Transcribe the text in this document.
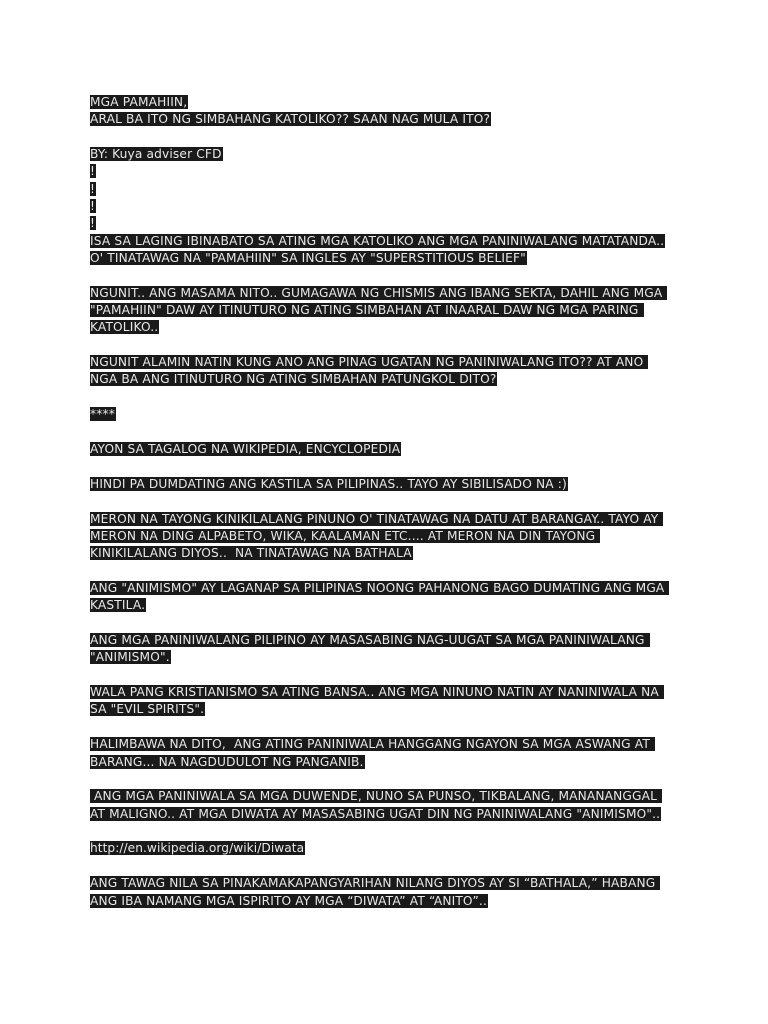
MGA PAMAHIIN,
ARAL BA ITO NG SIMBAHANG KATOLIKO?? SAAN NAG MULA ITO?
BY: Kuya adviser CFD
!
!
!
!
ISA SA LAGING IBINABATO SA ATING MGA KATOLIKO ANG MGA PANINIWALANG MATATANDA..
O' TINATAWAG NA "PAMAHIIN" SA INGLES AY "SUPERSTITIOUS BELIEF"
NGUNIT.. ANG MASAMA NITO.. GUMAGAWA NG CHISMIS ANG IBANG SEKTA, DAHIL ANG MGA
"PAMAHIIN" DAW AY ITINUTURO NG ATING SIMBAHAN AT INAARAL DAW NG MGA PARING
KATOLIKO..
NGUNIT ALAMIN NATIN KUNG ANO ANG PINAG UGATAN NG PANINIWALANG ITO?? AT ANO
NGA BA ANG ITINUTURO NG ATING SIMBAHAN PATUNGKOL DITO?
****
AYON SA TAGALOG NA WIKIPEDIA, ENCYCLOPEDIA
HINDI PA DUMDATING ANG KASTILA SA PILIPINAS.. TAYO AY SIBILISADO NA :)
MERON NA TAYONG KINIKILALANG PINUNO O' TINATAWAG NA DATU AT BARANGAY.. TAYO AY
MERON NA DING ALPABETO, WIKA, KAALAMAN ETC.... AT MERON NA DIN TAYONG
KINIKILALANG DIYOS..  NA TINATAWAG NA BATHALA
ANG "ANIMISMO" AY LAGANAP SA PILIPINAS NOONG PAHANONG BAGO DUMATING ANG MGA
KASTILA.
ANG MGA PANINIWALANG PILIPINO AY MASASABING NAG-UUGAT SA MGA PANINIWALANG
"ANIMISMO".
WALA PANG KRISTIANISMO SA ATING BANSA.. ANG MGA NINUNO NATIN AY NANINIWALA NA
SA "EVIL SPIRITS".
HALIMBAWA NA DITO,  ANG ATING PANINIWALA HANGGANG NGAYON SA MGA ASWANG AT
BARANG... NA NAGDUDULOT NG PANGANIB.
ANG MGA PANINIWALA SA MGA DUWENDE, NUNO SA PUNSO, TIKBALANG, MANANANGGAL
AT MALIGNO.. AT MGA DIWATA AY MASASABING UGAT DIN NG PANINIWALANG "ANIMISMO"..
http://en.wikipedia.org/wiki/Diwata
ANG TAWAG NILA SA PINAKAMAKAPANGYARIHAN NILANG DIYOS AY SI “BATHALA,” HABANG
ANG IBA NAMANG MGA ISPIRITO AY MGA “DIWATA” AT “ANITO”..
